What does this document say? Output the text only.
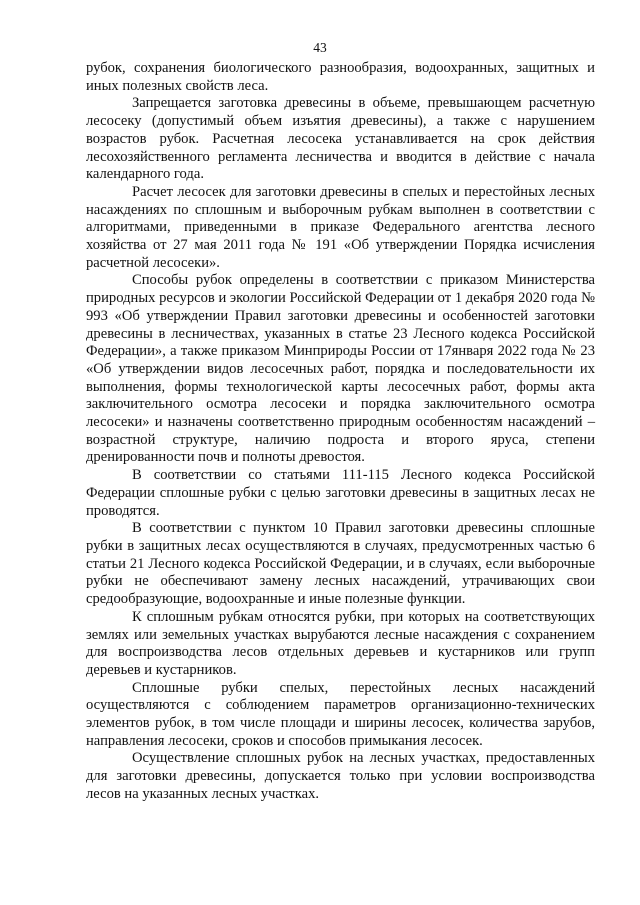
43

рубок, сохранения биологического разнообразия, водоохранных, защитных и иных полезных свойств леса.

Запрещается заготовка древесины в объеме, превышающем расчетную лесосеку (допустимый объем изъятия древесины), а также с нарушением возрастов рубок. Расчетная лесосека устанавливается на срок действия лесохозяйственного регламента лесничества и вводится в действие с начала календарного года.

Расчет лесосек для заготовки древесины в спелых и перестойных лесных насаждениях по сплошным и выборочным рубкам выполнен в соответствии с алгоритмами, приведенными в приказе Федерального агентства лесного хозяйства от 27 мая 2011 года № 191 «Об утверждении Порядка исчисления расчетной лесосеки».

Способы рубок определены в соответствии с приказом Министерства природных ресурсов и экологии Российской Федерации от 1 декабря 2020 года № 993 «Об утверждении Правил заготовки древесины и особенностей заготовки древесины в лесничествах, указанных в статье 23 Лесного кодекса Российской Федерации», а также приказом Минприроды России от 17января 2022 года № 23 «Об утверждении видов лесосечных работ, порядка и последовательности их выполнения, формы технологической карты лесосечных работ, формы акта заключительного осмотра лесосеки и порядка заключительного осмотра лесосеки» и назначены соответственно природным особенностям насаждений – возрастной структуре, наличию подроста и второго яруса, степени дренированности почв и полноты древостоя.

В соответствии со статьями 111-115 Лесного кодекса Российской Федерации сплошные рубки с целью заготовки древесины в защитных лесах не проводятся.

В соответствии с пунктом 10 Правил заготовки древесины сплошные рубки в защитных лесах осуществляются в случаях, предусмотренных частью 6 статьи 21 Лесного кодекса Российской Федерации, и в случаях, если выборочные рубки не обеспечивают замену лесных насаждений, утрачивающих свои средообразующие, водоохранные и иные полезные функции.

К сплошным рубкам относятся рубки, при которых на соответствующих землях или земельных участках вырубаются лесные насаждения с сохранением для воспроизводства лесов отдельных деревьев и кустарников или групп деревьев и кустарников.

Сплошные рубки спелых, перестойных лесных насаждений осуществляются с соблюдением параметров организационно-технических элементов рубок, в том числе площади и ширины лесосек, количества зарубов, направления лесосеки, сроков и способов примыкания лесосек.

Осуществление сплошных рубок на лесных участках, предоставленных для заготовки древесины, допускается только при условии воспроизводства лесов на указанных лесных участках.
